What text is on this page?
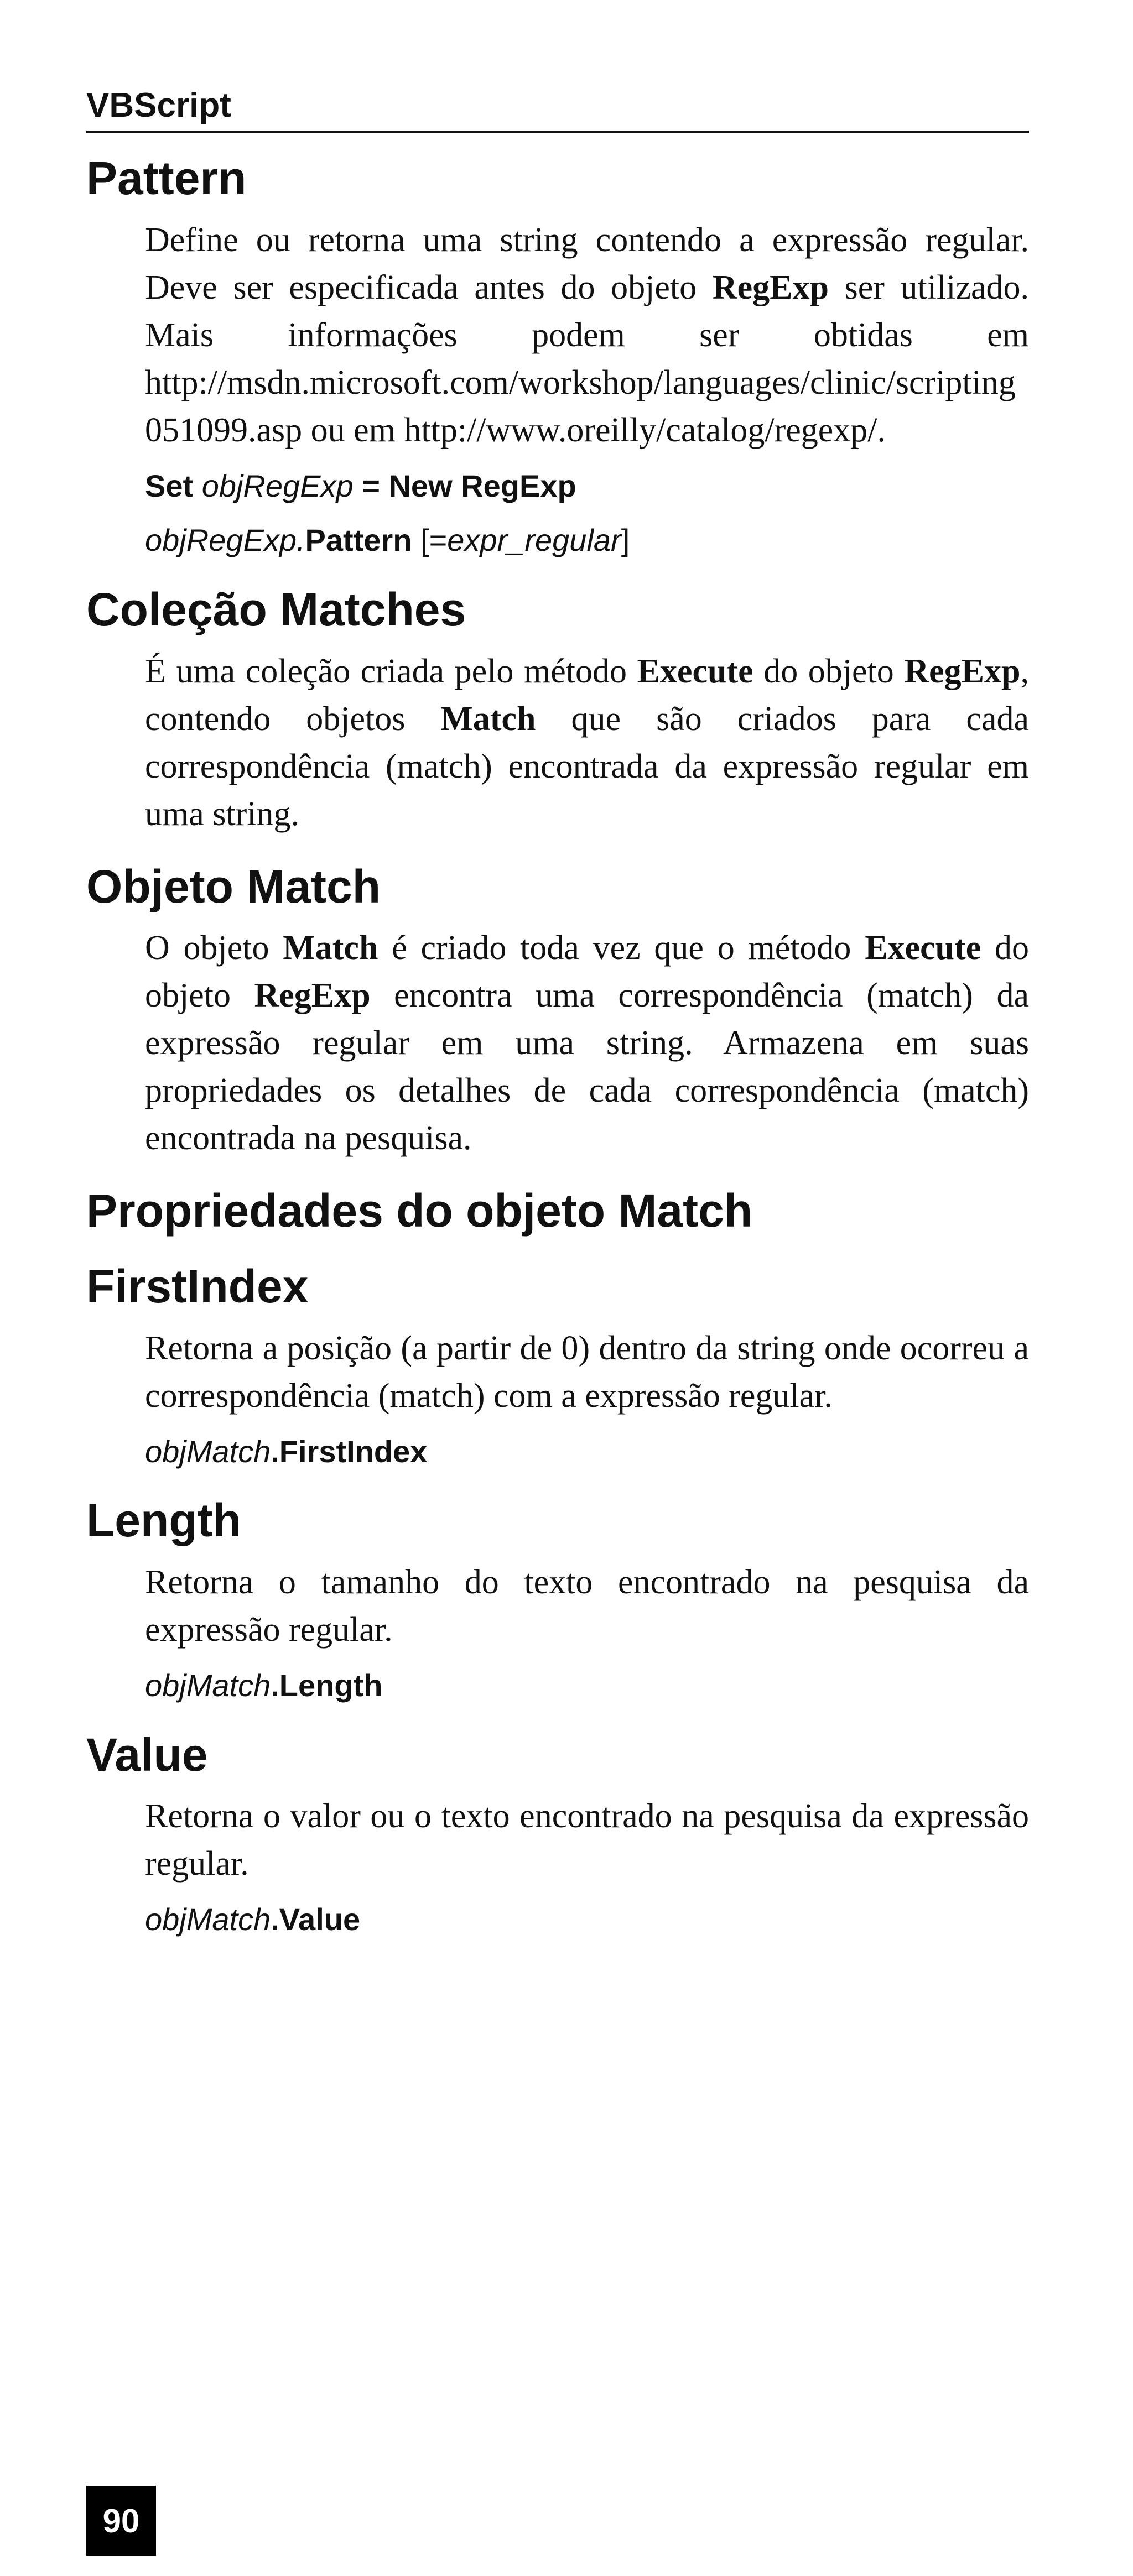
VBScript
Pattern

Define ou retorna uma string contendo a expressão regular. Deve ser especificada antes do objeto RegExp ser utilizado. Mais informações podem ser obtidas em http://msdn.microsoft.com/workshop/languages/clinic/scripting051099.asp ou em http://www.oreilly/catalog/regexp/.

Set objRegExp = New RegExp
objRegExp.Pattern [=expr_regular]
Coleção Matches

É uma coleção criada pelo método Execute do objeto RegExp, contendo objetos Match que são criados para cada correspondência (match) encontrada da expressão regular em uma string.

Objeto Match

O objeto Match é criado toda vez que o método Execute do objeto RegExp encontra uma correspondência (match) da expressão regular em uma string. Armazena em suas propriedades os detalhes de cada correspondência (match) encontrada na pesquisa.

Propriedades do objeto Match
FirstIndex

Retorna a posição (a partir de 0) dentro da string onde ocorreu a correspondência (match) com a expressão regular.

objMatch.FirstIndex
Length

Retorna o tamanho do texto encontrado na pesquisa da expressão regular.

objMatch.Length
Value

Retorna o valor ou o texto encontrado na pesquisa da expressão regular.

objMatch.Value
90
